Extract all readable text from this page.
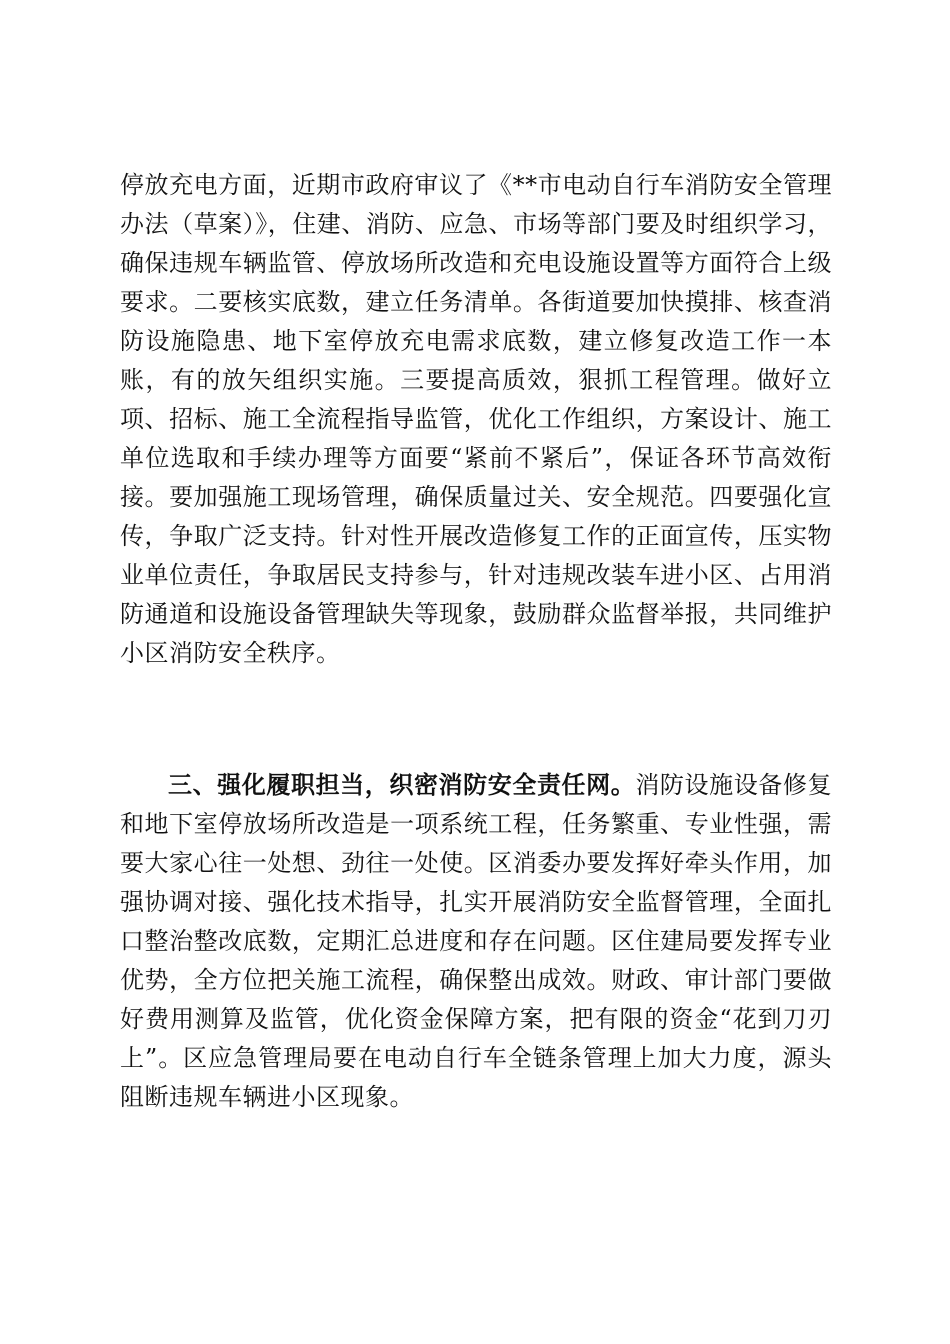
停放充电方面，近期市政府审议了《**市电动自行车消防安全管理办法（草案）》，住建、消防、应急、市场等部门要及时组织学习，确保违规车辆监管、停放场所改造和充电设施设置等方面符合上级要求。二要核实底数，建立任务清单。各街道要加快摸排、核查消防设施隐患、地下室停放充电需求底数，建立修复改造工作一本账，有的放矢组织实施。三要提高质效，狠抓工程管理。做好立项、招标、施工全流程指导监管，优化工作组织，方案设计、施工单位选取和手续办理等方面要“紧前不紧后”，保证各环节高效衔接。要加强施工现场管理，确保质量过关、安全规范。四要强化宣传，争取广泛支持。针对性开展改造修复工作的正面宣传，压实物业单位责任，争取居民支持参与，针对违规改装车进小区、占用消防通道和设施设备管理缺失等现象，鼓励群众监督举报，共同维护小区消防安全秩序。

三、强化履职担当，织密消防安全责任网。消防设施设备修复和地下室停放场所改造是一项系统工程，任务繁重、专业性强，需要大家心往一处想、劲往一处使。区消委办要发挥好牵头作用，加强协调对接、强化技术指导，扎实开展消防安全监督管理，全面扎口整治整改底数，定期汇总进度和存在问题。区住建局要发挥专业优势，全方位把关施工流程，确保整出成效。财政、审计部门要做好费用测算及监管，优化资金保障方案，把有限的资金“花到刀刃上”。区应急管理局要在电动自行车全链条管理上加大力度，源头阻断违规车辆进小区现象。
